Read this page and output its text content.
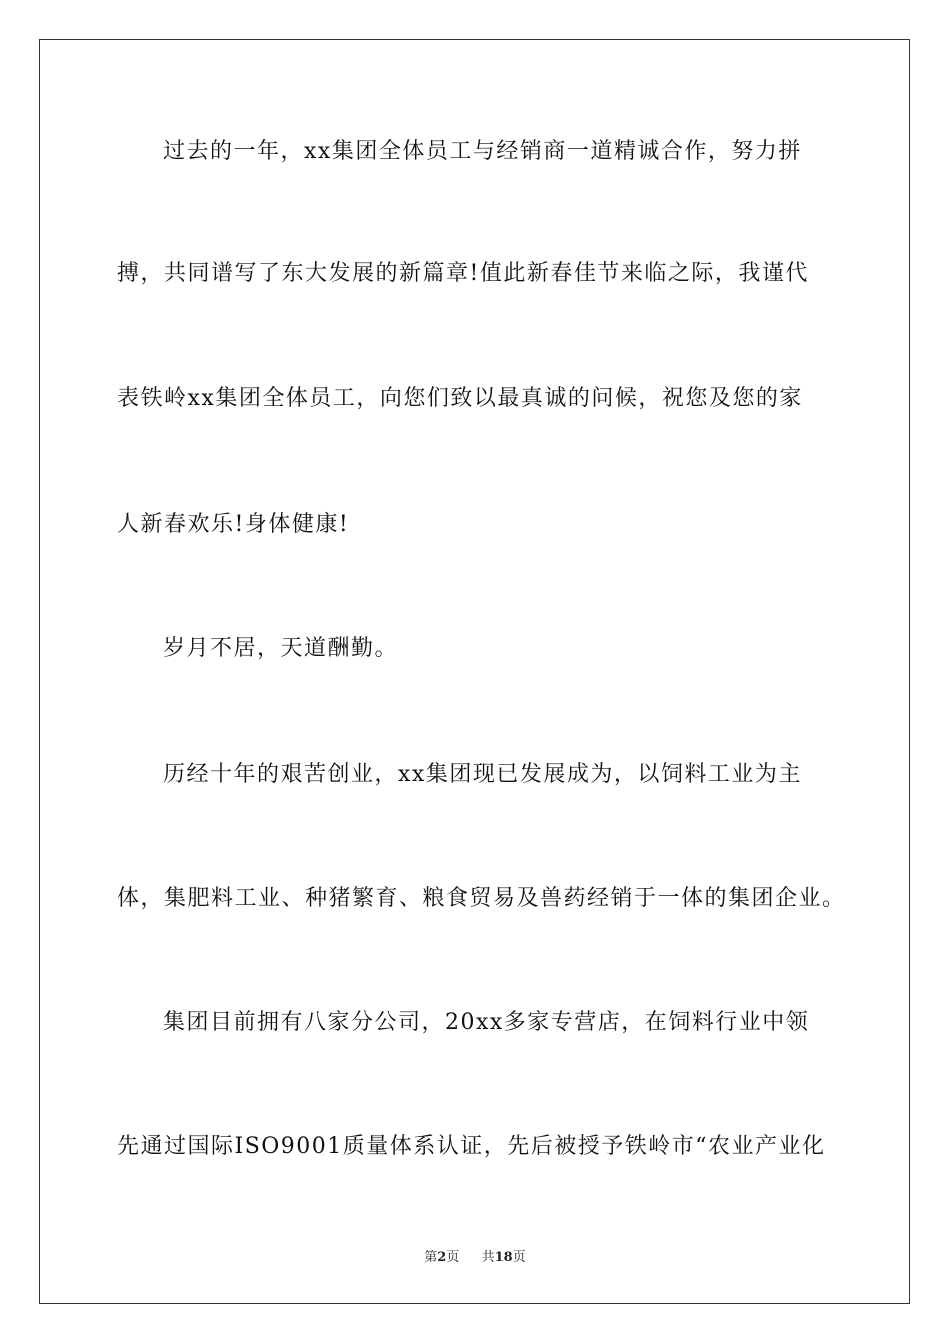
过去的一年，xx集团全体员工与经销商一道精诚合作，努力拼
搏，共同谱写了东大发展的新篇章!值此新春佳节来临之际，我谨代
表铁岭xx集团全体员工，向您们致以最真诚的问候，祝您及您的家
人新春欢乐!身体健康!
岁月不居，天道酬勤。
历经十年的艰苦创业，xx集团现已发展成为，以饲料工业为主
体，集肥料工业、种猪繁育、粮食贸易及兽药经销于一体的集团企业。
集团目前拥有八家分公司，20xx多家专营店，在饲料行业中领
先通过国际ISO9001质量体系认证，先后被授予铁岭市“农业产业化
第2页 共18页
